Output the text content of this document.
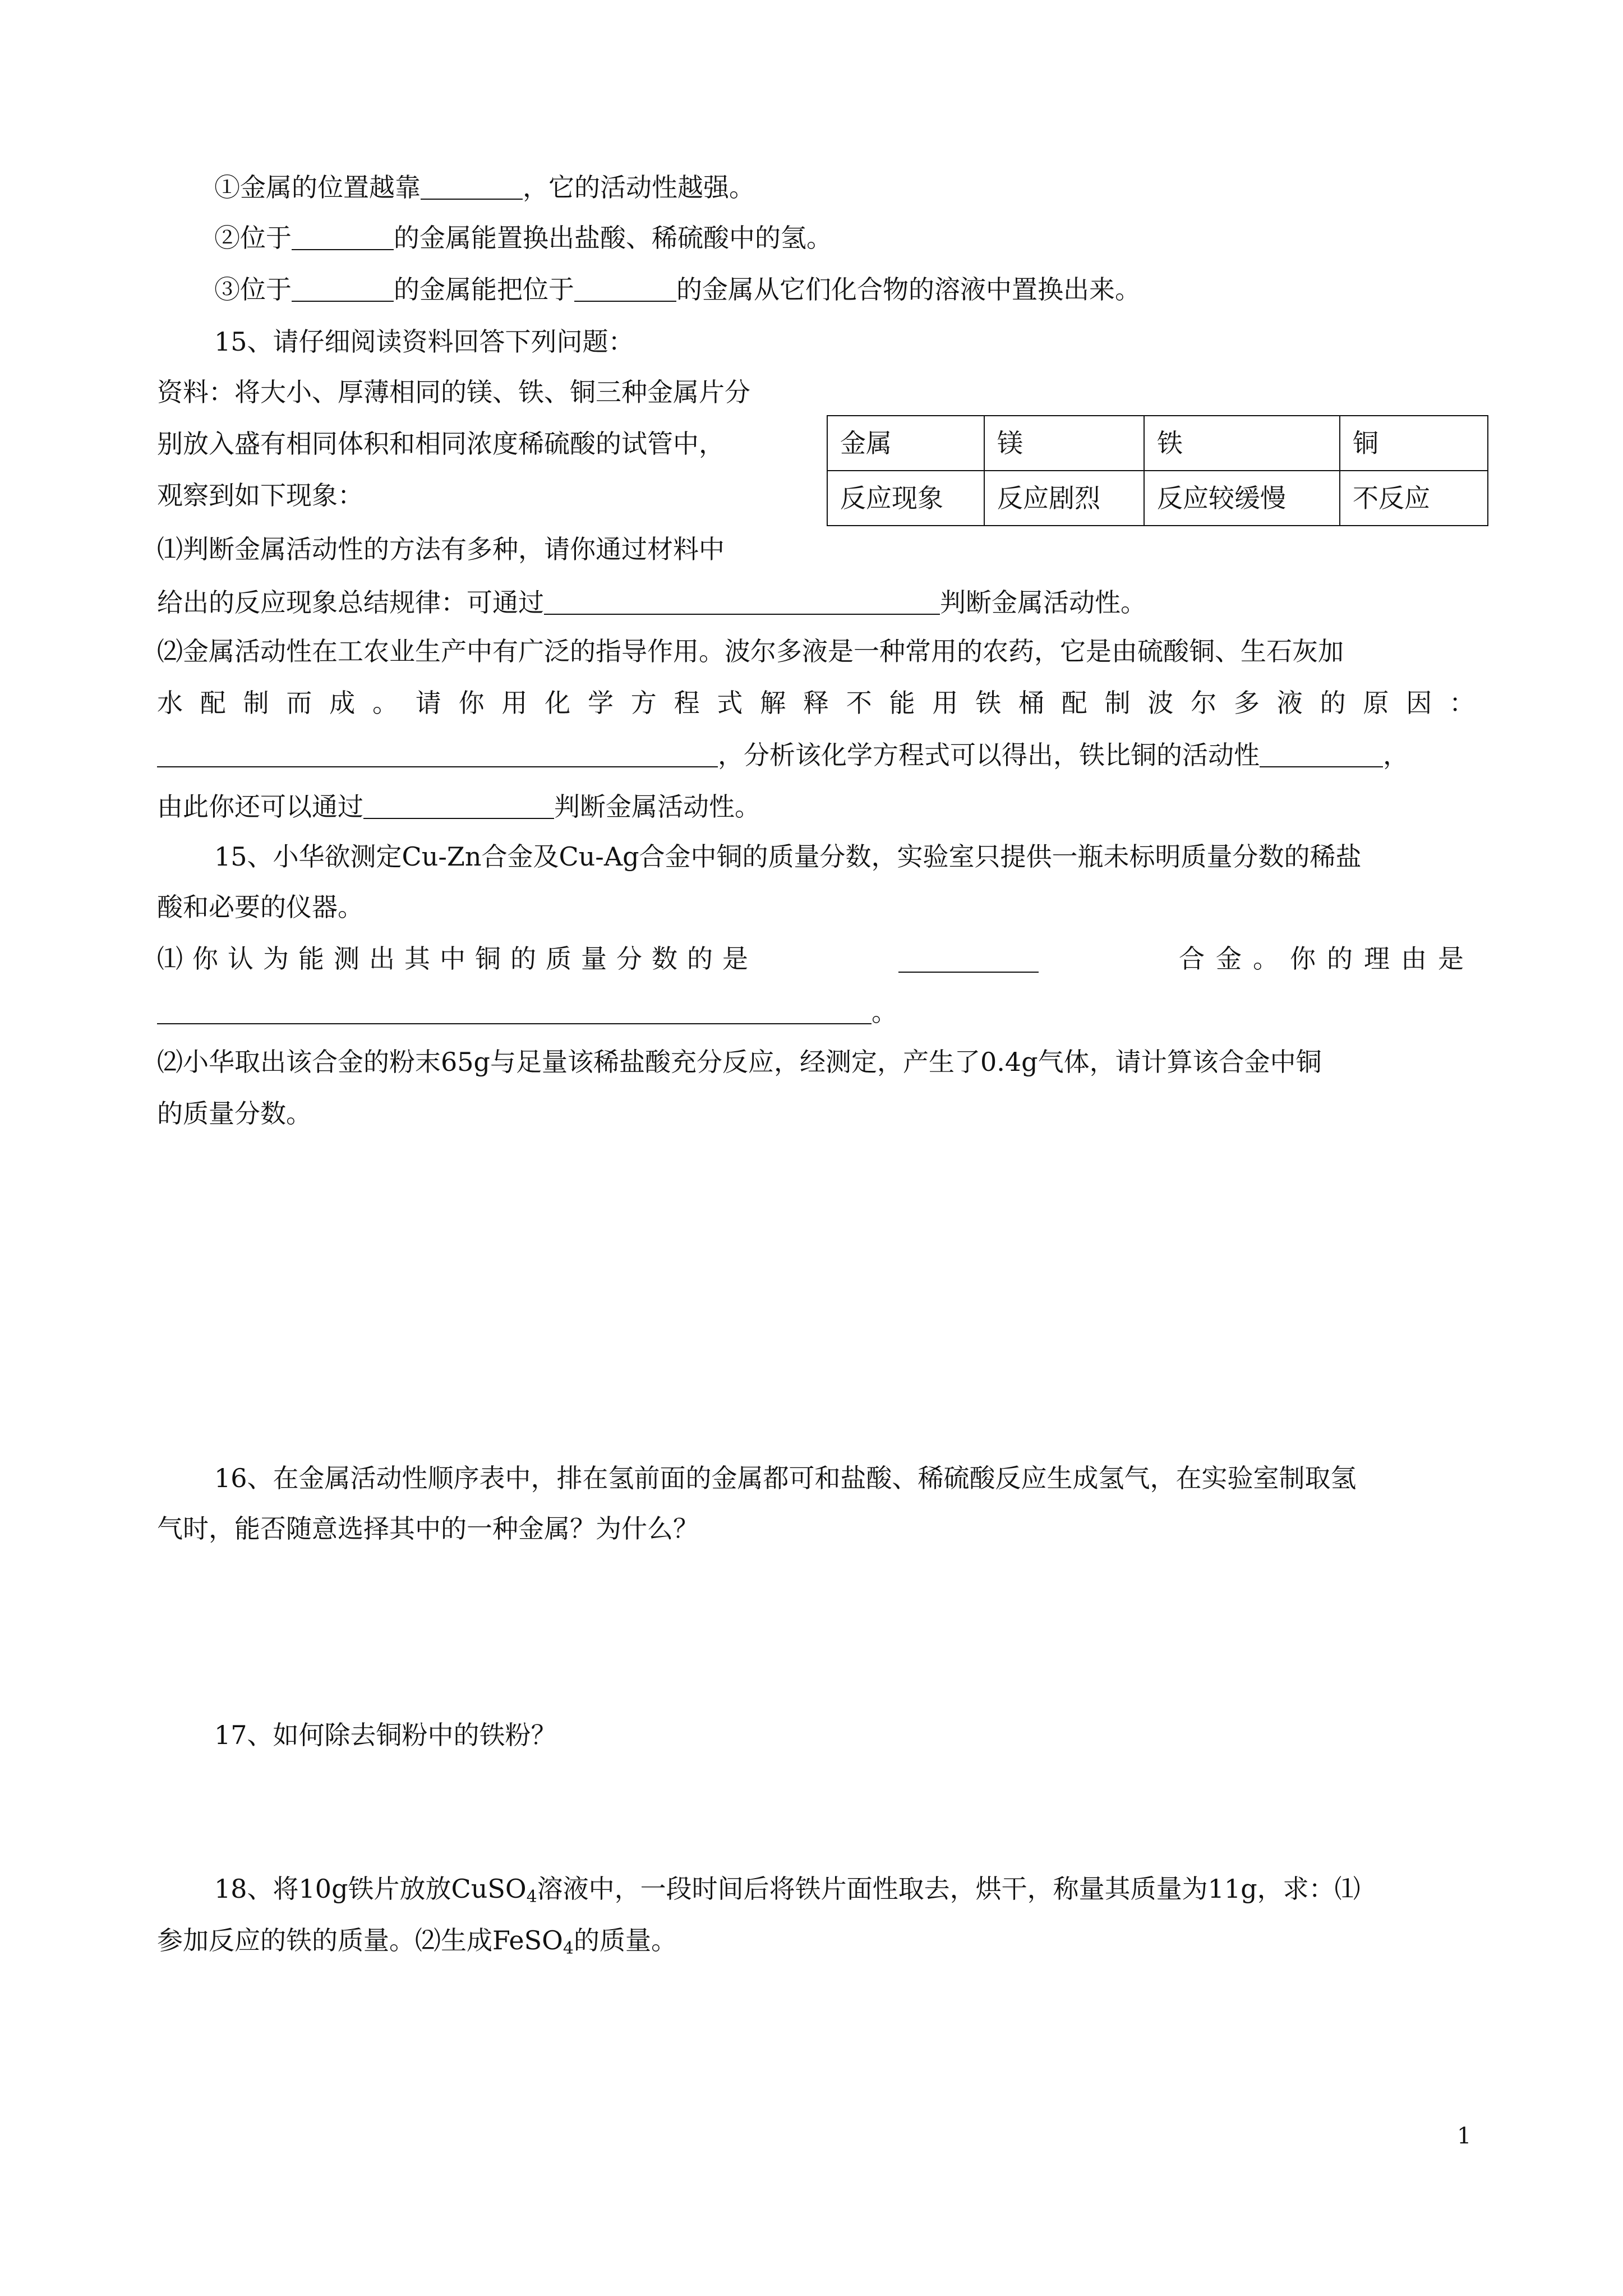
①金属的位置越靠	，它的活动性越强。
②位于	的金属能置换出盐酸、稀硫酸中的氢。
③位于	的金属能把位于	的金属从它们化合物的溶液中置换出来。
15、请仔细阅读资料回答下列问题：
资料：将大小、厚薄相同的镁、铁、铜三种金属片分
别放入盛有相同体积和相同浓度稀硫酸的试管中，
观察到如下现象：
金属	镁	铁	铜
反应现象	反应剧烈	反应较缓慢	不反应
⑴判断金属活动性的方法有多种，请你通过材料中
给出的反应现象总结规律：可通过	判断金属活动性。
⑵金属活动性在工农业生产中有广泛的指导作用。波尔多液是一种常用的农药，它是由硫酸铜、生石灰加
水配制而成。请你用化学方程式解释不能用铁桶配制波尔多液的原因：
，分析该化学方程式可以得出，铁比铜的活动性	，
由此你还可以通过	判断金属活动性。
15、小华欲测定Cu-Zn合金及Cu-Ag合金中铜的质量分数，实验室只提供一瓶未标明质量分数的稀盐
酸和必要的仪器。
⑴你认为能测出其中铜的质量分数的是	合金。你的理由是
。
⑵小华取出该合金的粉末65g与足量该稀盐酸充分反应，经测定，产生了0.4g气体，请计算该合金中铜
的质量分数。
16、在金属活动性顺序表中，排在氢前面的金属都可和盐酸、稀硫酸反应生成氢气，在实验室制取氢
气时，能否随意选择其中的一种金属？为什么？
17、如何除去铜粉中的铁粉？
18、将10g铁片放放CuSO$_4$溶液中，一段时间后将铁片面性取去，烘干，称量其质量为11g，求：⑴
参加反应的铁的质量。⑵生成FeSO$_4$的质量。
1
